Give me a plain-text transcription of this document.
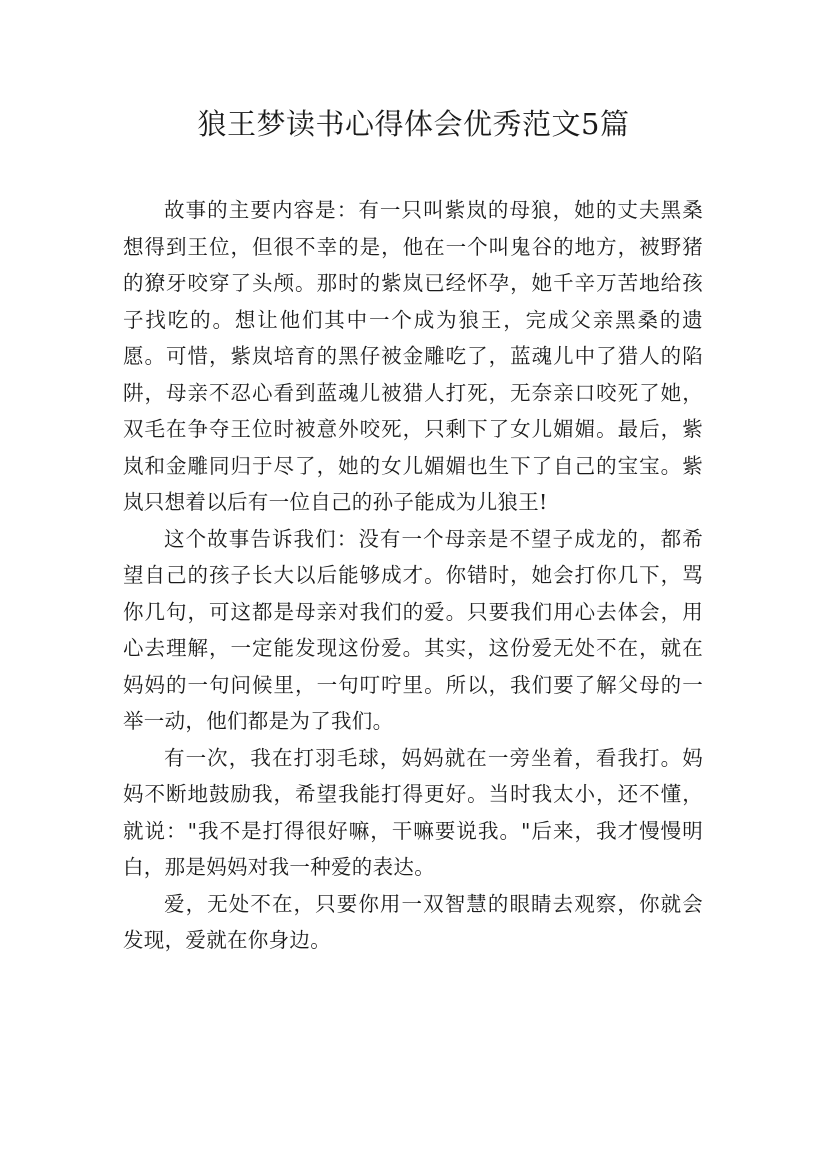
狼王梦读书心得体会优秀范文5篇

故事的主要内容是：有一只叫紫岚的母狼，她的丈夫黑桑想得到王位，但很不幸的是，他在一个叫鬼谷的地方，被野猪的獠牙咬穿了头颅。那时的紫岚已经怀孕，她千辛万苦地给孩子找吃的。想让他们其中一个成为狼王，完成父亲黑桑的遗愿。可惜，紫岚培育的黑仔被金雕吃了，蓝魂儿中了猎人的陷阱，母亲不忍心看到蓝魂儿被猎人打死，无奈亲口咬死了她，双毛在争夺王位时被意外咬死，只剩下了女儿媚媚。最后，紫岚和金雕同归于尽了，她的女儿媚媚也生下了自己的宝宝。紫岚只想着以后有一位自己的孙子能成为儿狼王!

这个故事告诉我们：没有一个母亲是不望子成龙的，都希望自己的孩子长大以后能够成才。你错时，她会打你几下，骂你几句，可这都是母亲对我们的爱。只要我们用心去体会，用心去理解，一定能发现这份爱。其实，这份爱无处不在，就在妈妈的一句问候里，一句叮咛里。所以，我们要了解父母的一举一动，他们都是为了我们。

有一次，我在打羽毛球，妈妈就在一旁坐着，看我打。妈妈不断地鼓励我，希望我能打得更好。当时我太小，还不懂，就说："我不是打得很好嘛，干嘛要说我。"后来，我才慢慢明白，那是妈妈对我一种爱的表达。

爱，无处不在，只要你用一双智慧的眼睛去观察，你就会发现，爱就在你身边。
